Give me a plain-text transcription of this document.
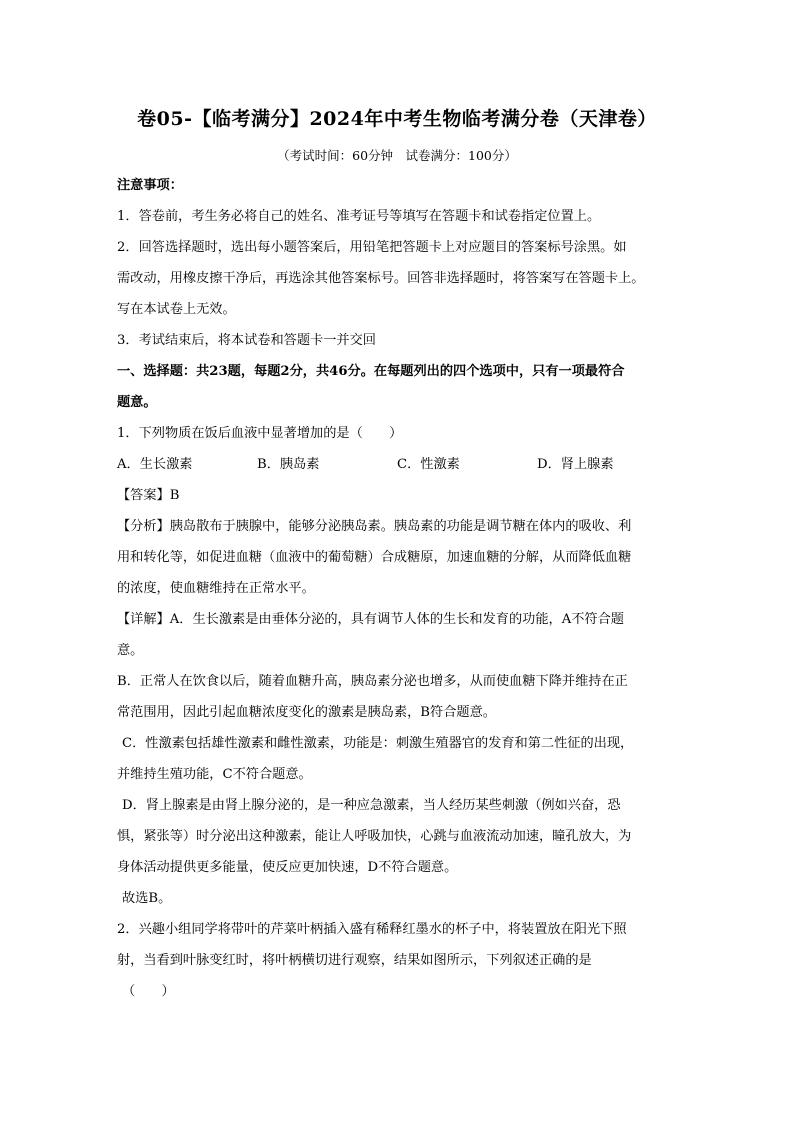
卷05-【临考满分】2024年中考生物临考满分卷（天津卷）
（考试时间：60分钟　试卷满分：100分）
注意事项：
1．答卷前，考生务必将自己的姓名、准考证号等填写在答题卡和试卷指定位置上。
2．回答选择题时，选出每小题答案后，用铅笔把答题卡上对应题目的答案标号涂黑。如
需改动，用橡皮擦干净后，再选涂其他答案标号。回答非选择题时，将答案写在答题卡上。
写在本试卷上无效。
3．考试结束后，将本试卷和答题卡一并交回
一、选择题：共23题，每题2分，共46分。在每题列出的四个选项中，只有一项最符合
题意。
1．下列物质在饭后血液中显著增加的是（　　）
A．生长激素	B．胰岛素	C．性激素	D．肾上腺素
【答案】B
【分析】胰岛散布于胰腺中，能够分泌胰岛素。胰岛素的功能是调节糖在体内的吸收、利
用和转化等，如促进血糖（血液中的葡萄糖）合成糖原，加速血糖的分解，从而降低血糖
的浓度，使血糖维持在正常水平。
【详解】A．生长激素是由垂体分泌的，具有调节人体的生长和发育的功能，A不符合题
意。
B．正常人在饮食以后，随着血糖升高，胰岛素分泌也增多，从而使血糖下降并维持在正
常范围用，因此引起血糖浓度变化的激素是胰岛素，B符合题意。
C．性激素包括雄性激素和雌性激素，功能是：刺激生殖器官的发育和第二性征的出现，
并维持生殖功能，C不符合题意。
D．肾上腺素是由肾上腺分泌的，是一种应急激素，当人经历某些刺激（例如兴奋，恐
惧，紧张等）时分泌出这种激素，能让人呼吸加快，心跳与血液流动加速，瞳孔放大，为
身体活动提供更多能量，使反应更加快速，D不符合题意。
故选B。
2．兴趣小组同学将带叶的芹菜叶柄插入盛有稀释红墨水的杯子中，将装置放在阳光下照
射，当看到叶脉变红时，将叶柄横切进行观察，结果如图所示，下列叙述正确的是
（　　）
